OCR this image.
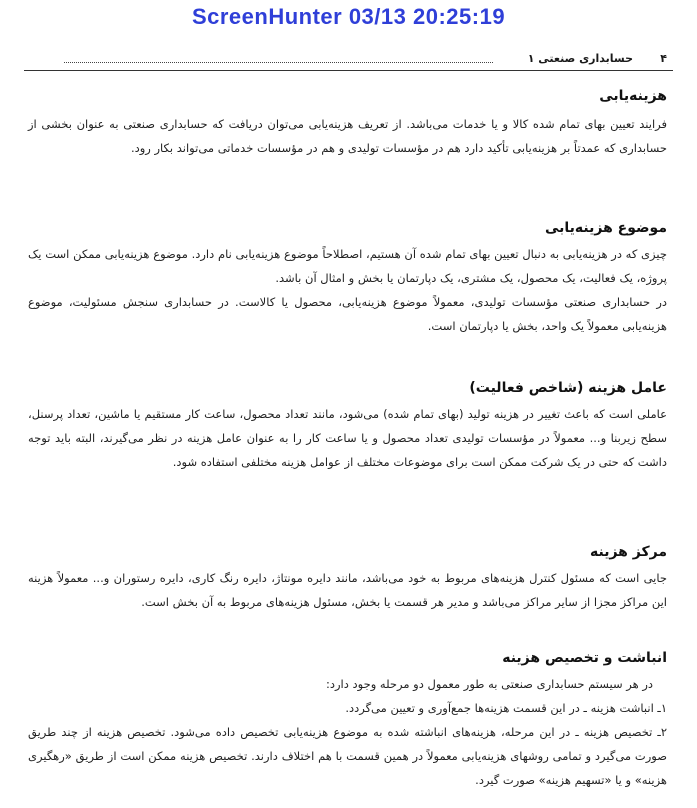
ScreenHunter 03/13 20:25:19
۴
حسابداری صنعتی ۱
هزینه‌یابی

فرایند تعیین بهای تمام شده کالا و یا خدمات می‌باشد. از تعریف هزینه‌یابی می‌توان دریافت که حسابداری صنعتی به عنوان بخشی از حسابداری که عمدتاً بر هزینه‌یابی تأکید دارد هم در مؤسسات تولیدی و هم در مؤسسات خدماتی می‌تواند بکار رود.

موضوع هزینه‌یابی

چیزی که در هزینه‌یابی به دنبال تعیین بهای تمام شده آن هستیم، اصطلاحاً موضوع هزینه‌یابی نام دارد. موضوع هزینه‌یابی ممکن است یک پروژه، یک فعالیت، یک محصول، یک مشتری، یک دپارتمان یا بخش و امثال آن باشد.

در حسابداری صنعتی مؤسسات تولیدی، معمولاً موضوع هزینه‌یابی، محصول یا کالاست. در حسابداری سنجش مسئولیت، موضوع هزینه‌یابی معمولاً یک واحد، بخش یا دپارتمان است.

عامل هزینه (شاخص فعالیت)

عاملی است که باعث تغییر در هزینه تولید (بهای تمام شده) می‌شود، مانند تعداد محصول، ساعت کار مستقیم یا ماشین، تعداد پرسنل، سطح زیربنا و... معمولاً در مؤسسات تولیدی تعداد محصول و یا ساعت کار را به عنوان عامل هزینه در نظر می‌گیرند، البته باید توجه داشت که حتی در یک شرکت ممکن است برای موضوعات مختلف از عوامل هزینه مختلفی استفاده شود.

مرکز هزینه

جایی است که مسئول کنترل هزینه‌های مربوط به خود می‌باشد، مانند دایره مونتاژ، دایره رنگ کاری، دایره رستوران و... معمولاً هزینه این مراکز مجزا از سایر مراکز می‌باشد و مدیر هر قسمت یا بخش، مسئول هزینه‌های مربوط به آن بخش است.

انباشت و تخصیص هزینه

در هر سیستم حسابداری صنعتی به طور معمول دو مرحله وجود دارد:

۱ـ انباشت هزینه ـ در این قسمت هزینه‌ها جمع‌آوری و تعیین می‌گردد.

۲ـ تخصیص هزینه ـ در این مرحله، هزینه‌های انباشته شده به موضوع هزینه‌یابی تخصیص داده می‌شود. تخصیص هزینه از چند طریق صورت می‌گیرد و تمامی روشهای هزینه‌یابی معمولاً در همین قسمت با هم اختلاف دارند. تخصیص هزینه ممکن است از طریق «رهگیری هزینه» و یا «تسهیم هزینه» صورت گیرد.
